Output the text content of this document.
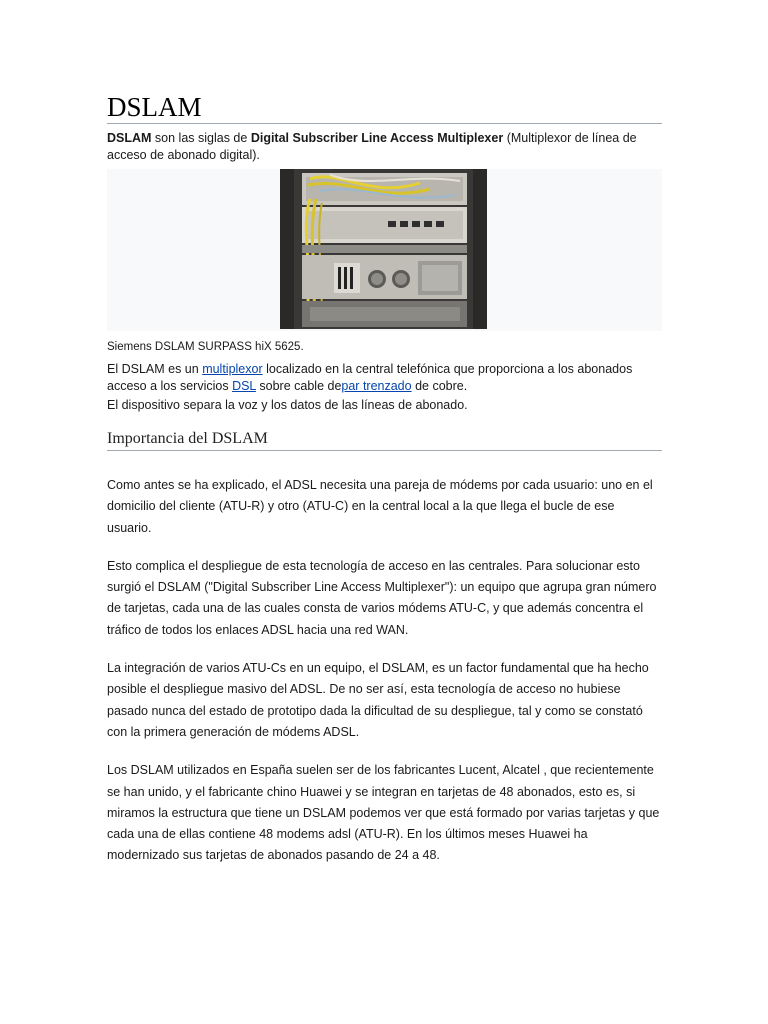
DSLAM

DSLAM son las siglas de Digital Subscriber Line Access Multiplexer (Multiplexor de línea de acceso de abonado digital).

Siemens DSLAM SURPASS hiX 5625.

El DSLAM es un multiplexor localizado en la central telefónica que proporciona a los abonados acceso a los servicios DSL sobre cable depar trenzado de cobre.

El dispositivo separa la voz y los datos de las líneas de abonado.

Importancia del DSLAM

Como antes se ha explicado, el ADSL necesita una pareja de módems por cada usuario: uno en el domicilio del cliente (ATU-R) y otro (ATU-C) en la central local a la que llega el bucle de ese usuario.

Esto complica el despliegue de esta tecnología de acceso en las centrales. Para solucionar esto surgió el DSLAM ("Digital Subscriber Line Access Multiplexer"): un equipo que agrupa gran número de tarjetas, cada una de las cuales consta de varios módems ATU-C, y que además concentra el tráfico de todos los enlaces ADSL hacia una red WAN.

La integración de varios ATU-Cs en un equipo, el DSLAM, es un factor fundamental que ha hecho posible el despliegue masivo del ADSL. De no ser así, esta tecnología de acceso no hubiese pasado nunca del estado de prototipo dada la dificultad de su despliegue, tal y como se constató con la primera generación de módems ADSL.

Los DSLAM utilizados en España suelen ser de los fabricantes Lucent, Alcatel , que recientemente se han unido, y el fabricante chino Huawei y se integran en tarjetas de 48 abonados, esto es, si miramos la estructura que tiene un DSLAM podemos ver que está formado por varias tarjetas y que cada una de ellas contiene 48 modems adsl (ATU-R). En los últimos meses Huawei ha modernizado sus tarjetas de abonados pasando de 24 a 48.
